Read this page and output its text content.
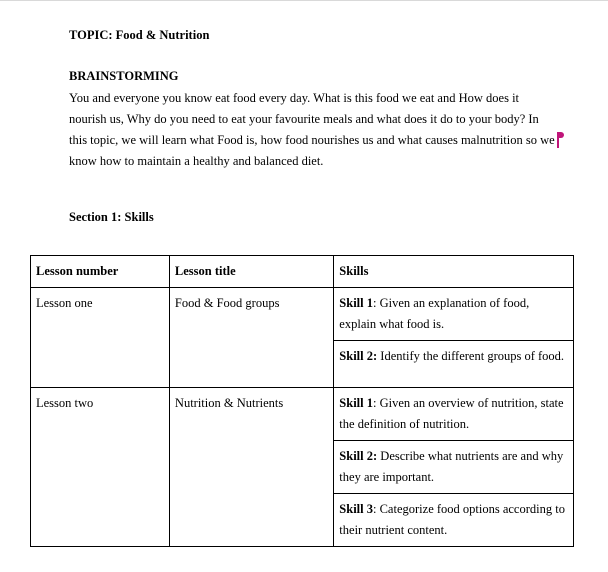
TOPIC: Food & Nutrition
BRAINSTORMING
You and everyone you know eat food every day. What is this food we eat and How does it
nourish us, Why do you need to eat your favourite meals and what does it do to your body? In
this topic, we will learn what Food is, how food nourishes us and what causes malnutrition so we
know how to maintain a healthy and balanced diet.
Section 1: Skills
Lesson number	Lesson title	Skills
Lesson one	Food & Food groups	Skill 1: Given an explanation of food, explain what food is.
Skill 2: Identify the different groups of food.

Lesson two	Nutrition & Nutrients	Skill 1: Given an overview of nutrition, state the definition of nutrition.
Skill 2: Describe what nutrients are and why they are important.
Skill 3: Categorize food options according to their nutrient content.
